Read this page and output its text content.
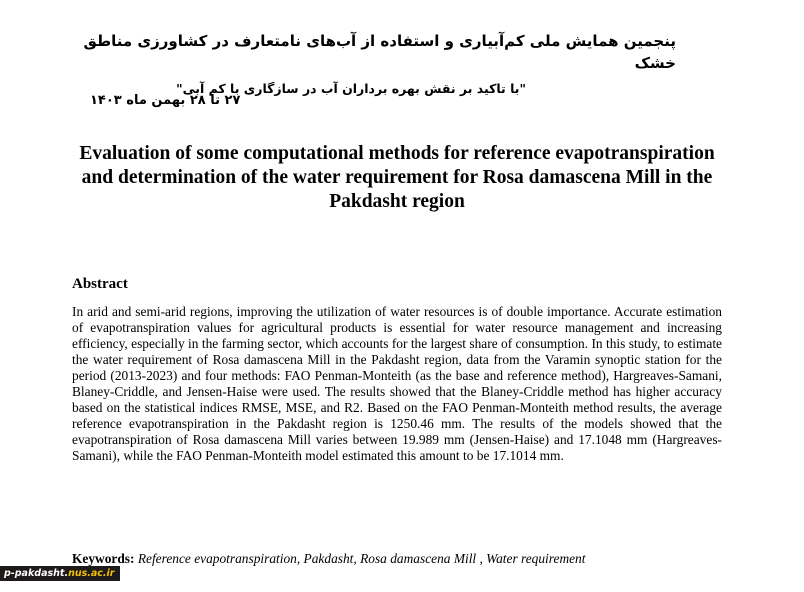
پنجمین همایش ملی کم‌آبیاری و استفاده از آب‌های نامتعارف در کشاورزی مناطق خشک

"با تاکید بر نقش بهره برداران آب در سازگاری با کم آبی"

۲۷ تا ۲۸ بهمن ماه ۱۴۰۳
Evaluation of some computational methods for reference evapotranspiration and determination of the water requirement for Rosa damascena Mill in the Pakdasht region
Abstract

In arid and semi-arid regions, improving the utilization of water resources is of double importance. Accurate estimation of evapotranspiration values for agricultural products is essential for water resource management and increasing efficiency, especially in the farming sector, which accounts for the largest share of consumption. In this study, to estimate the water requirement of Rosa damascena Mill in the Pakdasht region, data from the Varamin synoptic station for the period (2013-2023) and four methods: FAO Penman-Monteith (as the base and reference method), Hargreaves-Samani, Blaney-Criddle, and Jensen-Haise were used. The results showed that the Blaney-Criddle method has higher accuracy based on the statistical indices RMSE, MSE, and R2. Based on the FAO Penman-Monteith method results, the average reference evapotranspiration in the Pakdasht region is 1250.46 mm. The results of the models showed that the evapotranspiration of Rosa damascena Mill varies between 19.989 mm (Jensen-Haise) and 17.1048 mm (Hargreaves-Samani), while the FAO Penman-Monteith model estimated this amount to be 17.1014 mm.

Keywords: Reference evapotranspiration, Pakdasht, Rosa damascena Mill , Water requirement

p-pakdasht.nus.ac.ir
